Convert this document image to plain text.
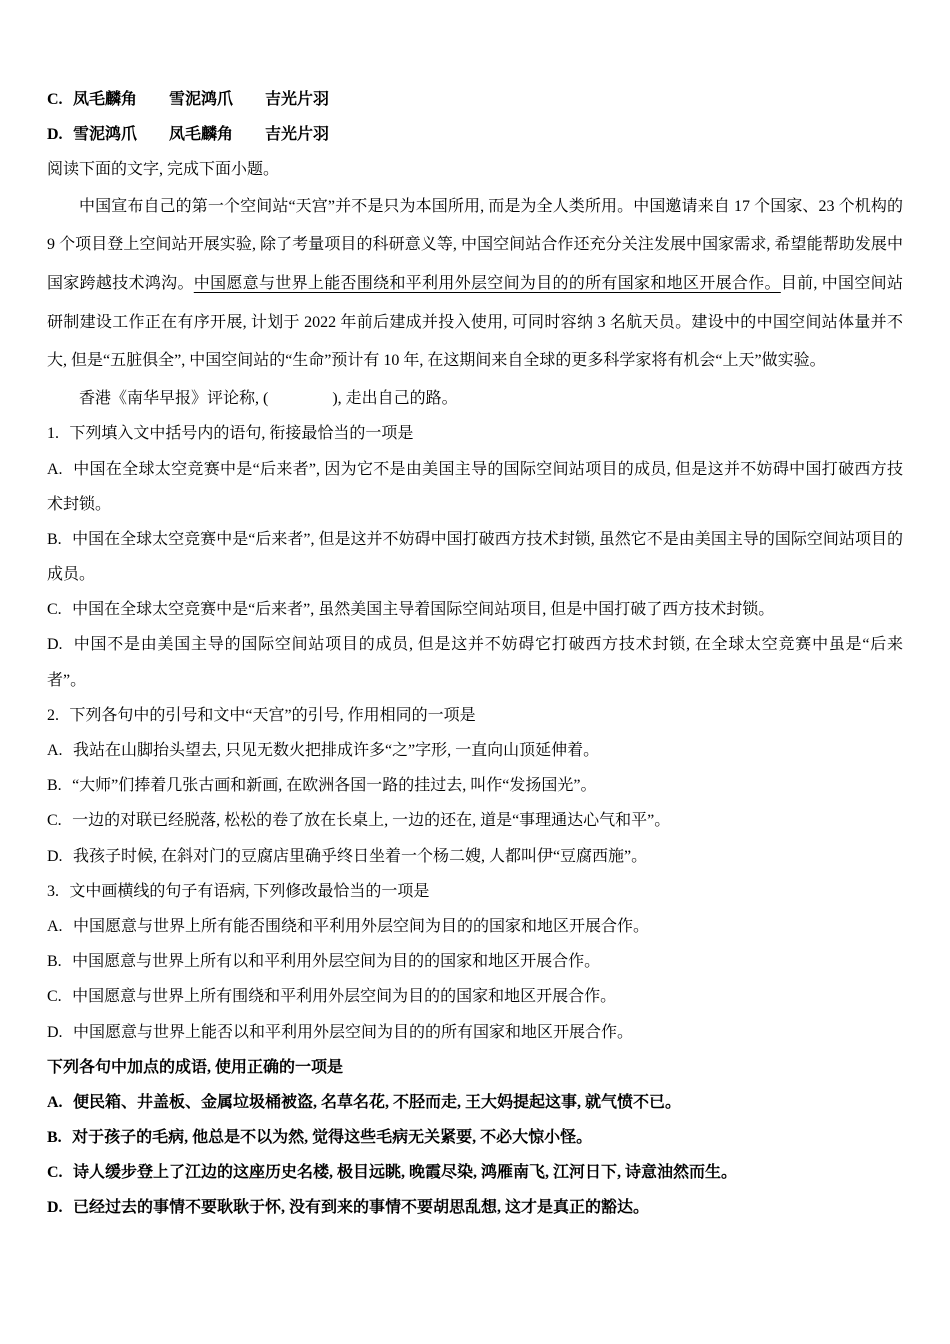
C. 凤毛麟角　　雪泥鸿爪　　吉光片羽

D. 雪泥鸿爪　　凤毛麟角　　吉光片羽

阅读下面的文字, 完成下面小题。

中国宣布自己的第一个空间站“天宫”并不是只为本国所用, 而是为全人类所用。中国邀请来自 17 个国家、23 个机构的 9 个项目登上空间站开展实验, 除了考量项目的科研意义等, 中国空间站合作还充分关注发展中国家需求, 希望能帮助发展中国家跨越技术鸿沟。中国愿意与世界上能否围绕和平利用外层空间为目的的所有国家和地区开展合作。目前, 中国空间站研制建设工作正在有序开展, 计划于 2022 年前后建成并投入使用, 可同时容纳 3 名航天员。建设中的中国空间站体量并不大, 但是“五脏俱全”, 中国空间站的“生命”预计有 10 年, 在这期间来自全球的更多科学家将有机会“上天”做实验。

香港《南华早报》评论称, (　　　　), 走出自己的路。

1. 下列填入文中括号内的语句, 衔接最恰当的一项是

A. 中国在全球太空竞赛中是“后来者”, 因为它不是由美国主导的国际空间站项目的成员, 但是这并不妨碍中国打破西方技术封锁。

B. 中国在全球太空竞赛中是“后来者”, 但是这并不妨碍中国打破西方技术封锁, 虽然它不是由美国主导的国际空间站项目的成员。

C. 中国在全球太空竞赛中是“后来者”, 虽然美国主导着国际空间站项目, 但是中国打破了西方技术封锁。

D. 中国不是由美国主导的国际空间站项目的成员, 但是这并不妨碍它打破西方技术封锁, 在全球太空竞赛中虽是“后来者”。

2. 下列各句中的引号和文中“天宫”的引号, 作用相同的一项是

A. 我站在山脚抬头望去, 只见无数火把排成许多“之”字形, 一直向山顶延伸着。

B. “大师”们捧着几张古画和新画, 在欧洲各国一路的挂过去, 叫作“发扬国光”。

C. 一边的对联已经脱落, 松松的卷了放在长桌上, 一边的还在, 道是“事理通达心气和平”。

D. 我孩子时候, 在斜对门的豆腐店里确乎终日坐着一个杨二嫂, 人都叫伊“豆腐西施”。

3. 文中画横线的句子有语病, 下列修改最恰当的一项是

A. 中国愿意与世界上所有能否围绕和平利用外层空间为目的的国家和地区开展合作。

B. 中国愿意与世界上所有以和平利用外层空间为目的的国家和地区开展合作。

C. 中国愿意与世界上所有围绕和平利用外层空间为目的的国家和地区开展合作。

D. 中国愿意与世界上能否以和平利用外层空间为目的的所有国家和地区开展合作。

下列各句中加点的成语, 使用正确的一项是

A. 便民箱、井盖板、金属垃圾桶被盗, 名草名花, 不胫而走, 王大妈提起这事, 就气愤不已。

B. 对于孩子的毛病, 他总是不以为然, 觉得这些毛病无关紧要, 不必大惊小怪。

C. 诗人缓步登上了江边的这座历史名楼, 极目远眺, 晚霞尽染, 鸿雁南飞, 江河日下, 诗意油然而生。

D. 已经过去的事情不要耿耿于怀, 没有到来的事情不要胡思乱想, 这才是真正的豁达。
